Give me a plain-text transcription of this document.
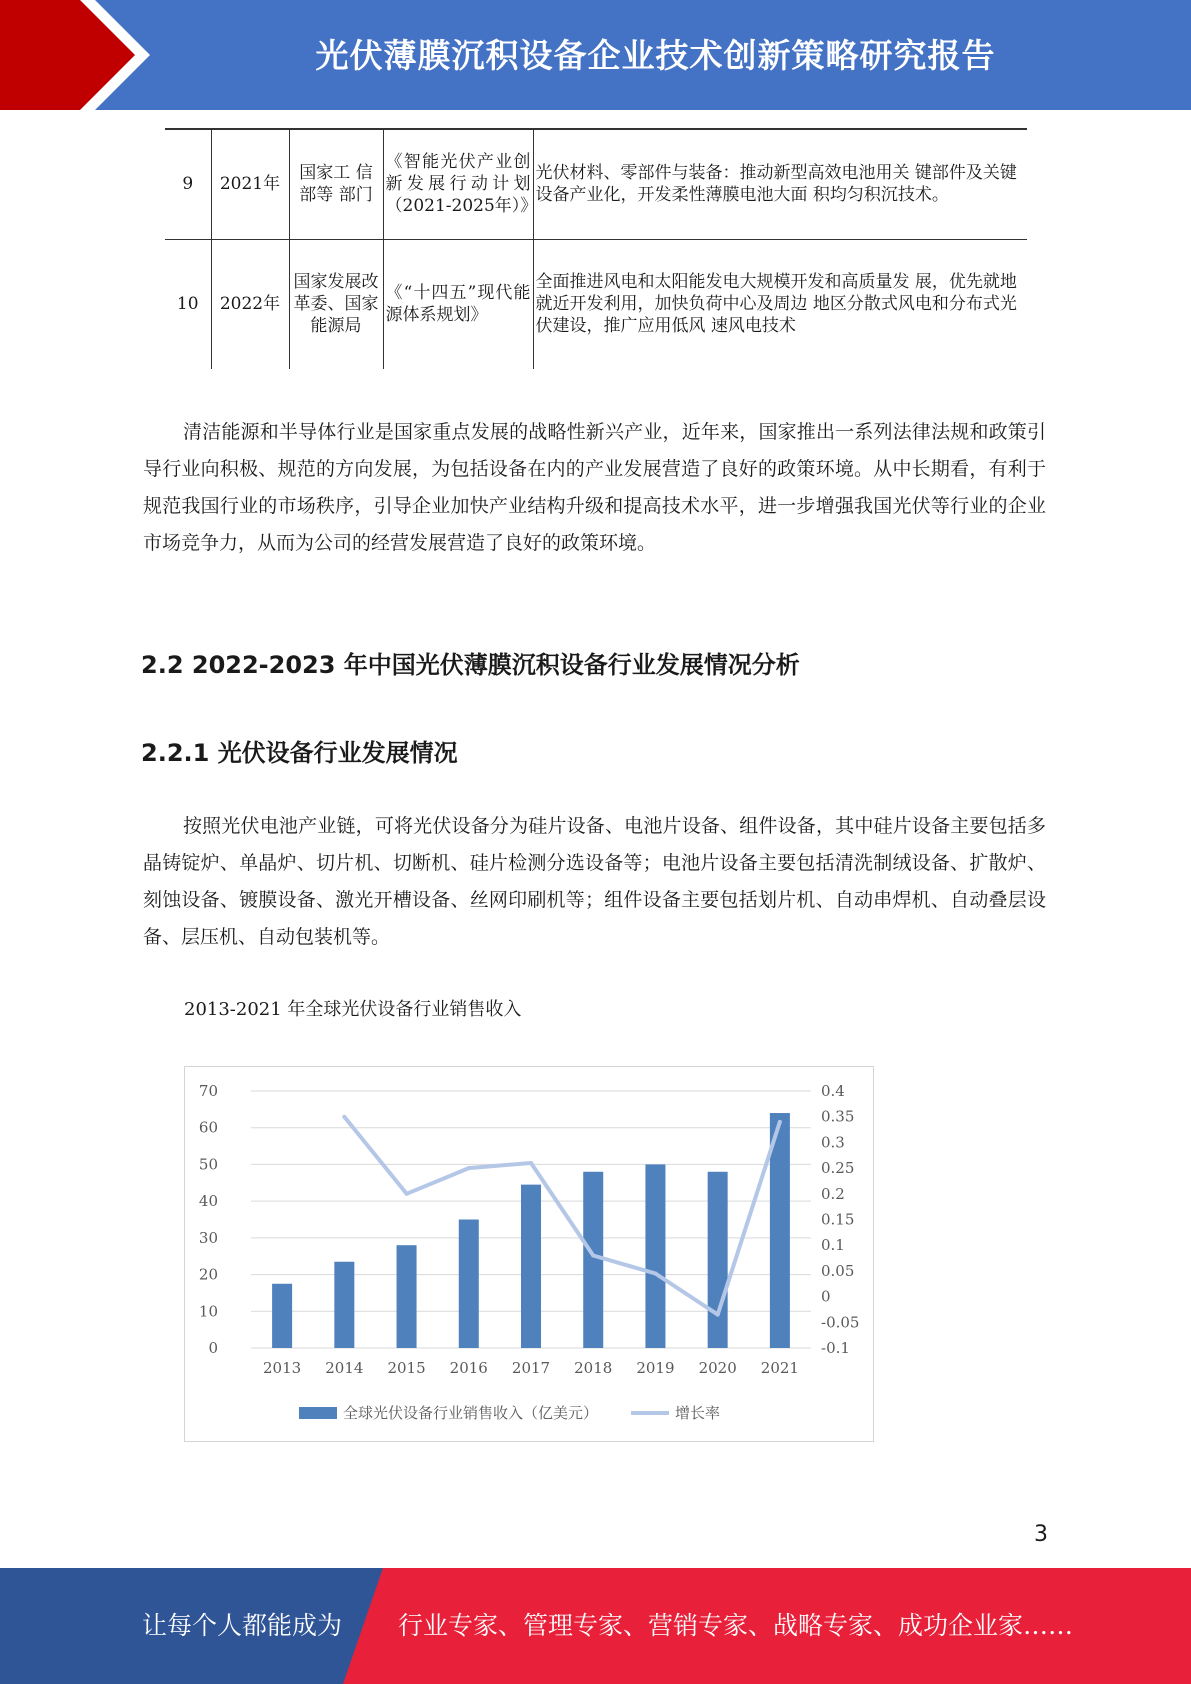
光伏薄膜沉积设备企业技术创新策略研究报告
9	2021年	国家工 信部等 部门	《智能光伏产业创新发展行动计划（2021-2025年）》	光伏材料、零部件与装备：推动新型高效电池用关 键部件及关键设备产业化，开发柔性薄膜电池大面 积均匀积沉技术。
10	2022年	国家发展改革委、国家能源局	《“十四五”现代能源体系规划》	全面推进风电和太阳能发电大规模开发和高质量发 展，优先就地就近开发利用，加快负荷中心及周边 地区分散式风电和分布式光伏建设，推广应用低风 速风电技术

清洁能源和半导体行业是国家重点发展的战略性新兴产业，近年来，国家推出一系列法律法规和政策引导行业向积极、规范的方向发展，为包括设备在内的产业发展营造了良好的政策环境。从中长期看，有利于规范我国行业的市场秩序，引导企业加快产业结构升级和提高技术水平，进一步增强我国光伏等行业的企业市场竞争力，从而为公司的经营发展营造了良好的政策环境。

2.2 2022-2023 年中国光伏薄膜沉积设备行业发展情况分析
2.2.1 光伏设备行业发展情况

按照光伏电池产业链，可将光伏设备分为硅片设备、电池片设备、组件设备，其中硅片设备主要包括多晶铸锭炉、单晶炉、切片机、切断机、硅片检测分选设备等；电池片设备主要包括清洗制绒设备、扩散炉、刻蚀设备、镀膜设备、激光开槽设备、丝网印刷机等；组件设备主要包括划片机、自动串焊机、自动叠层设备、层压机、自动包装机等。

2013-2021 年全球光伏设备行业销售收入
0
10
20
30
40
50
60
70
-0.1
-0.05
0
0.05
0.1
0.15
0.2
0.25
0.3
0.35
0.4
2013 2014 2015 2016 2017 2018 2019 2020 2021
全球光伏设备行业销售收入（亿美元）	增长率
3
让每个人都能成为 行业专家、管理专家、营销专家、战略专家、成功企业家……
